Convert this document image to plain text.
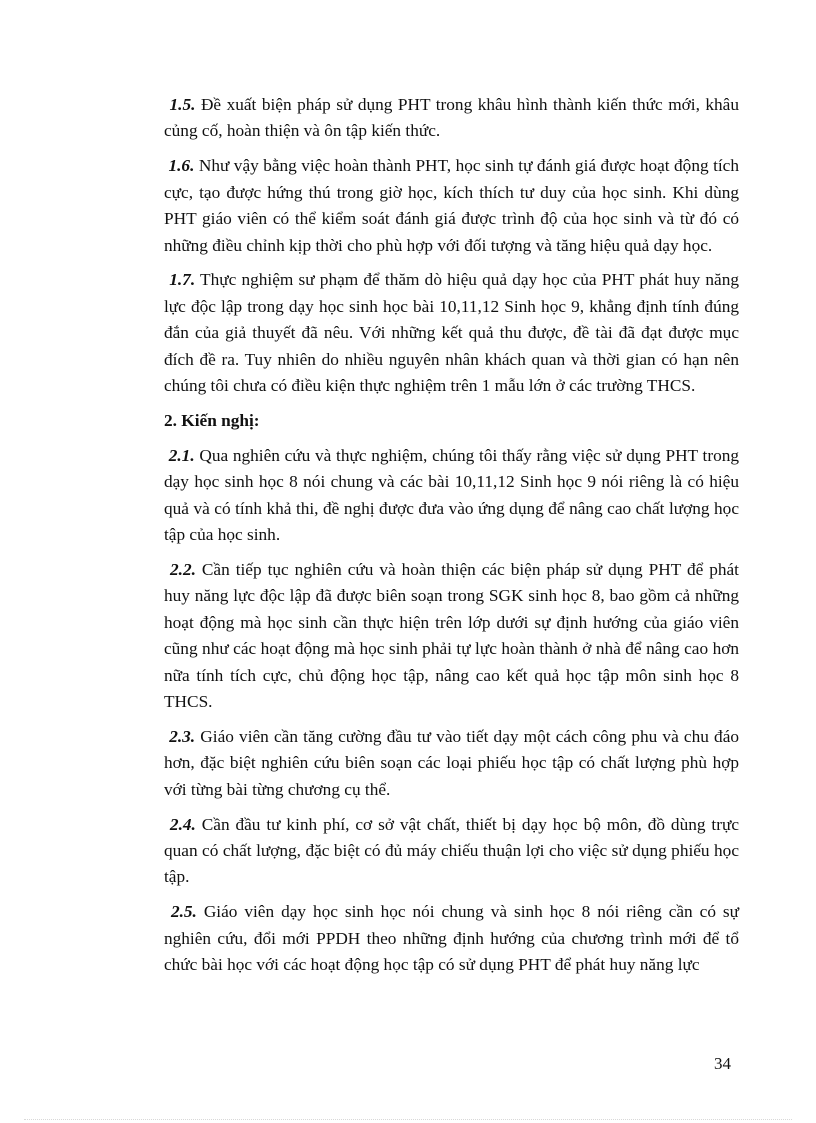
1.5. Đề xuất biện pháp sử dụng PHT trong khâu hình thành kiến thức mới, khâu củng cố, hoàn thiện và ôn tập kiến thức.

1.6. Như vậy bằng việc hoàn thành PHT, học sinh tự đánh giá được hoạt động tích cực, tạo được hứng thú trong giờ học, kích thích tư duy của học sinh. Khi dùng PHT giáo viên có thể kiểm soát đánh giá được trình độ của học sinh và từ đó có những điều chỉnh kịp thời cho phù hợp với đối tượng và tăng hiệu quả dạy học.

1.7. Thực nghiệm sư phạm để thăm dò hiệu quả dạy học của PHT phát huy năng lực độc lập trong dạy học sinh học bài 10,11,12 Sinh học 9, khẳng định tính đúng đắn của giả thuyết đã nêu. Với những kết quả thu được, đề tài đã đạt được mục đích đề ra. Tuy nhiên do nhiều nguyên nhân khách quan và thời gian có hạn nên chúng tôi chưa có điều kiện thực nghiệm trên 1 mẫu lớn ở các trường THCS.

2. Kiến nghị:

2.1. Qua nghiên cứu và thực nghiệm, chúng tôi thấy rằng việc sử dụng PHT trong dạy học sinh học 8 nói chung và các bài 10,11,12 Sinh học 9 nói riêng là có hiệu quả và có tính khả thi, đề nghị được đưa vào ứng dụng để nâng cao chất lượng học tập của học sinh.

2.2. Cần tiếp tục nghiên cứu và hoàn thiện các biện pháp sử dụng PHT để phát huy năng lực độc lập đã được biên soạn trong SGK sinh học 8, bao gồm cả những hoạt động mà học sinh cần thực hiện trên lớp dưới sự định hướng của giáo viên cũng như các hoạt động mà học sinh phải tự lực hoàn thành ở nhà để nâng cao hơn nữa tính tích cực, chủ động học tập, nâng cao kết quả học tập môn sinh học 8 THCS.

2.3. Giáo viên cần tăng cường đầu tư vào tiết dạy một cách công phu và chu đáo hơn, đặc biệt nghiên cứu biên soạn các loại phiếu học tập có chất lượng phù hợp với từng bài từng chương cụ thể.

2.4. Cần đầu tư kinh phí, cơ sở vật chất, thiết bị dạy học bộ môn, đồ dùng trực quan có chất lượng, đặc biệt có đủ máy chiếu thuận lợi cho việc sử dụng phiếu học tập.

2.5. Giáo viên dạy học sinh học nói chung và sinh học 8 nói riêng cần có sự nghiên cứu, đổi mới PPDH theo những định hướng của chương trình mới để tổ chức bài học với các hoạt động học tập có sử dụng PHT để phát huy năng lực

34
